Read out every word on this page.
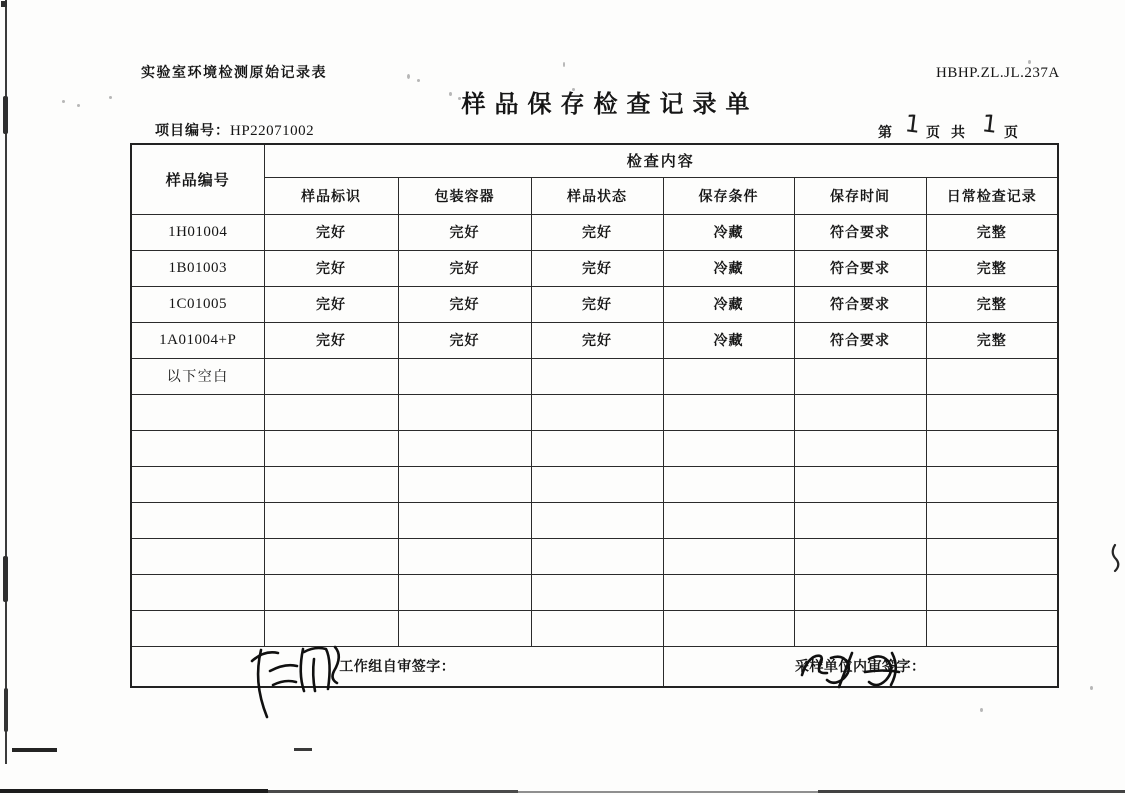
实验室环境检测原始记录表	HBHP.ZL.JL.237A
样品保存检查记录单
项目编号：HP22071002	第 1 页 共 1 页
样品编号	检查内容					
	样品标识	包装容器	样品状态	保存条件	保存时间	日常检查记录
1H01004	完好	完好	完好	冷藏	符合要求	完整
1B01003	完好	完好	完好	冷藏	符合要求	完整
1C01005	完好	完好	完好	冷藏	符合要求	完整
1A01004+P	完好	完好	完好	冷藏	符合要求	完整
以下空白						

工作组自审签字：				采样单位内审签字：		
